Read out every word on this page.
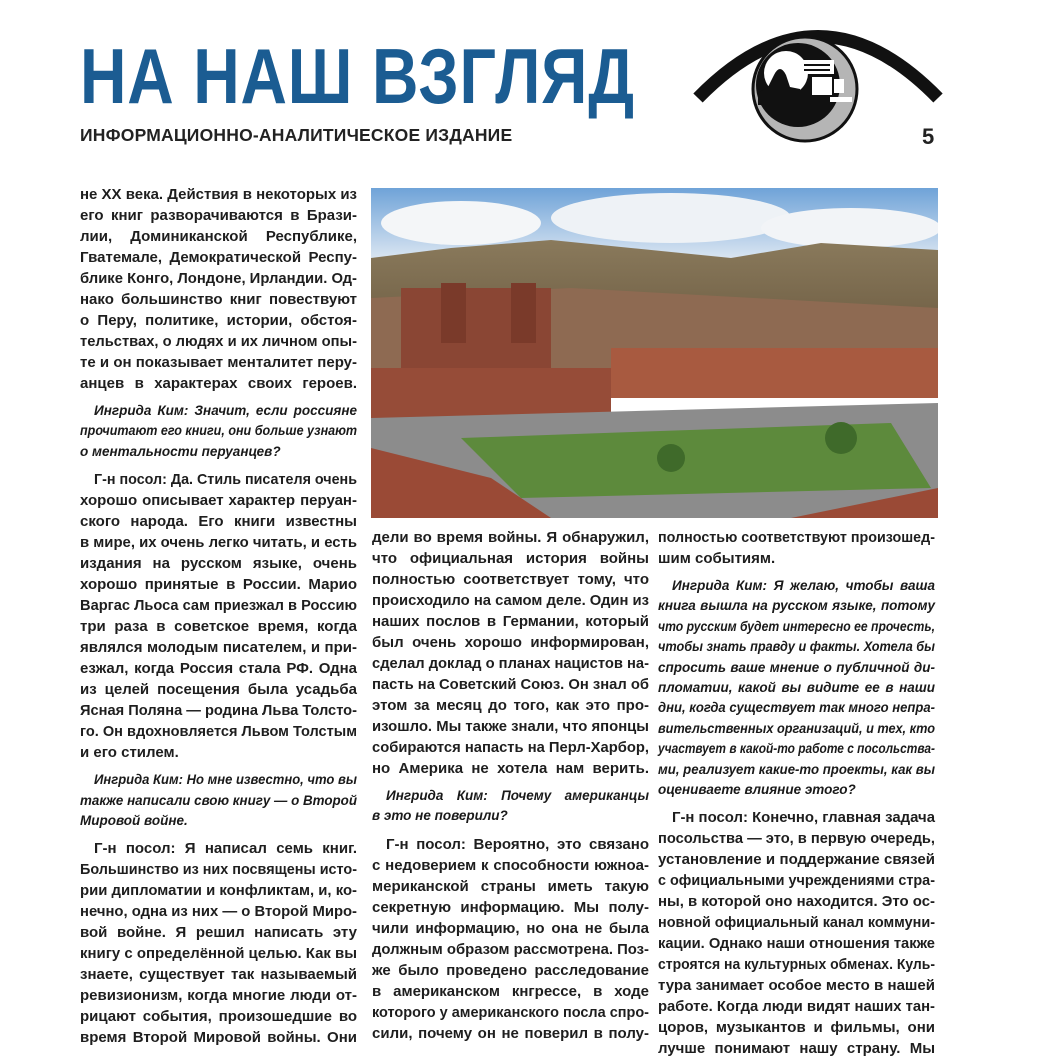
НА НАШ ВЗГЛЯД
ИНФОРМАЦИОННО-АНАЛИТИЧЕСКОЕ ИЗДАНИЕ	5
не XX века. Действия в некоторых из
его книг разворачиваются в Брази-
лии, Доминиканской Республике,
Гватемале, Демократической Респу-
блике Конго, Лондоне, Ирландии. Од-
нако большинство книг повествуют
о Перу, политике, истории, обстоя-
тельствах, о людях и их личном опы-
те и он показывает менталитет перу-
анцев в характерах своих героев.
Ингрида Ким: Значит, если россияне
прочитают его книги, они больше узнают
о ментальности перуанцев?
Г-н посол: Да. Стиль писателя очень
хорошо описывает характер перуан-
ского народа. Его книги известны
в мире, их очень легко читать, и есть
издания на русском языке, очень
хорошо принятые в России. Марио
Варгас Льоса сам приезжал в Россию
три раза в советское время, когда
являлся молодым писателем, и при-
езжал, когда Россия стала РФ. Одна
из целей посещения была усадьба
Ясная Поляна — родина Льва Толсто-
го. Он вдохновляется Львом Толстым
и его стилем.
Ингрида Ким: Но мне известно, что вы
также написали свою книгу — о Второй
Мировой войне.
Г-н посол: Я написал семь книг.
Большинство из них посвящены исто-
рии дипломатии и конфликтам, и, ко-
нечно, одна из них — о Второй Миро-
вой войне. Я решил написать эту
книгу с определённой целью. Как вы
знаете, существует так называемый
ревизионизм, когда многие люди от-
рицают события, произошедшие во
время Второй Мировой войны. Они
дели во время войны. Я обнаружил,
что официальная история войны
полностью соответствует тому, что
происходило на самом деле. Один из
наших послов в Германии, который
был очень хорошо информирован,
сделал доклад о планах нацистов на-
пасть на Советский Союз. Он знал об
этом за месяц до того, как это про-
изошло. Мы также знали, что японцы
собираются напасть на Перл-Харбор,
но Америка не хотела нам верить.
Ингрида Ким: Почему американцы
в это не поверили?
Г-н посол: Вероятно, это связано
с недоверием к способности южноа-
мериканской страны иметь такую
секретную информацию. Мы полу-
чили информацию, но она не была
должным образом рассмотрена. Поз-
же было проведено расследование
в американском кнгрессе, в ходе
которого у американского посла спро-
сили, почему он не поверил в полу-
полностью соответствуют произошед-
шим событиям.
Ингрида Ким: Я желаю, чтобы ваша
книга вышла на русском языке, потому
что русским будет интересно ее прочесть,
чтобы знать правду и факты. Хотела бы
спросить ваше мнение о публичной ди-
пломатии, какой вы видите ее в наши
дни, когда существует так много непра-
вительственных организаций, и тех, кто
участвует в какой-то работе с посольства-
ми, реализует какие-то проекты, как вы
оцениваете влияние этого?
Г-н посол: Конечно, главная задача
посольства — это, в первую очередь,
установление и поддержание связей
с официальными учреждениями стра-
ны, в которой оно находится. Это ос-
новной официальный канал коммуни-
кации. Однако наши отношения также
строятся на культурных обменах. Куль-
тура занимает особое место в нашей
работе. Когда люди видят наших тан-
цоров, музыкантов и фильмы, они
лучше понимают нашу страну. Мы
